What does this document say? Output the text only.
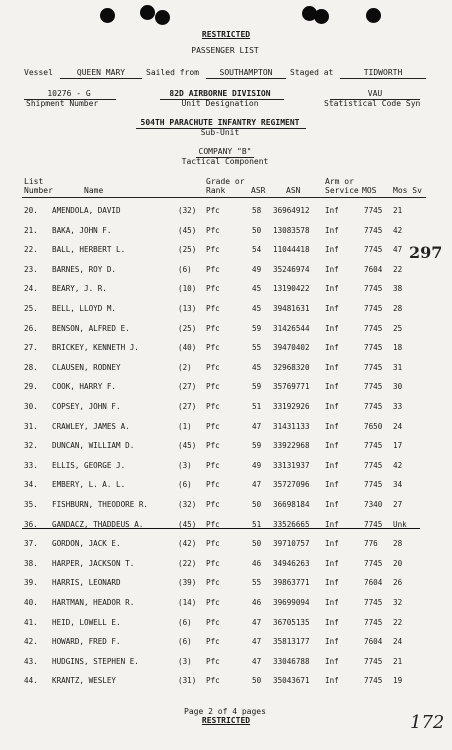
RESTRICTED
PASSENGER LIST
Vessel	QUEEN MARY	Sailed from	SOUTHAMPTON	Staged at	TIDWORTH
10276 - G
Shipment Number
82D AIRBORNE DIVISION
Unit Designation
VAU
Statistical Code Syn
504TH PARACHUTE INFANTRY REGIMENT
Sub-Unit
COMPANY "B"
Tactical Component
List
Number	Name
Grade or
Rank	ASR	ASN
Arm or
Service MOS Mos Sv
20. AMENDOLA, DAVID	(32) Pfc	58 36964912 Inf	7745 21
21. BAKA, JOHN F.	(45) Pfc	50 13083578 Inf	7745 42
22. BALL, HERBERT L.	(25) Pfc	54 11044418 Inf	7745 47
23. BARNES, ROY D.	(6) Pfc	49 35246974 Inf	7604 22
24. BEARY, J. R.	(10) Pfc	45 13190422 Inf	7745 38
25. BELL, LLOYD M.	(13) Pfc	45 39481631 Inf	7745 28
26. BENSON, ALFRED E.	(25) Pfc	59 31426544 Inf	7745 25
27. BRICKEY, KENNETH J.	(40) Pfc	55 39470402 Inf	7745 18
28. CLAUSEN, RODNEY	(2) Pfc	45 32968320 Inf	7745 31
29. COOK, HARRY F.	(27) Pfc	59 35769771 Inf	7745 30
30. COPSEY, JOHN F.	(27) Pfc	51 33192926 Inf	7745 33
31. CRAWLEY, JAMES A.	(1) Pfc	47 31431133 Inf	7650 24
32. DUNCAN, WILLIAM D.	(45) Pfc	59 33922968 Inf	7745 17
33. ELLIS, GEORGE J.	(3) Pfc	49 33131937 Inf	7745 42
34. EMBERY, L. A. L.	(6) Pfc	47 35727096 Inf	7745 34
35. FISHBURN, THEODORE R.	(32) Pfc	50 36698184 Inf	7340 27
36. GANDACZ, THADDEUS A.	(45) Pfc	51 33526665 Inf	7745 Unk
37. GORDON, JACK E.	(42) Pfc	50 39710757 Inf	776 28
38. HARPER, JACKSON T.	(22) Pfc	46 34946263 Inf	7745 20
39. HARRIS, LEONARD	(39) Pfc	55 39863771 Inf	7604 26
40. HARTMAN, HEADOR R.	(14) Pfc	46 39699094 Inf	7745 32
41. HEID, LOWELL E.	(6) Pfc	47 36705135 Inf	7745 22
42. HOWARD, FRED F.	(6) Pfc	47 35813177 Inf	7604 24
43. HUDGINS, STEPHEN E.	(3) Pfc	47 33046788 Inf	7745 21
44. KRANTZ, WESLEY	(31) Pfc	50 35043671 Inf	7745 19
297
Page 2 of 4 pages
RESTRICTED	172
